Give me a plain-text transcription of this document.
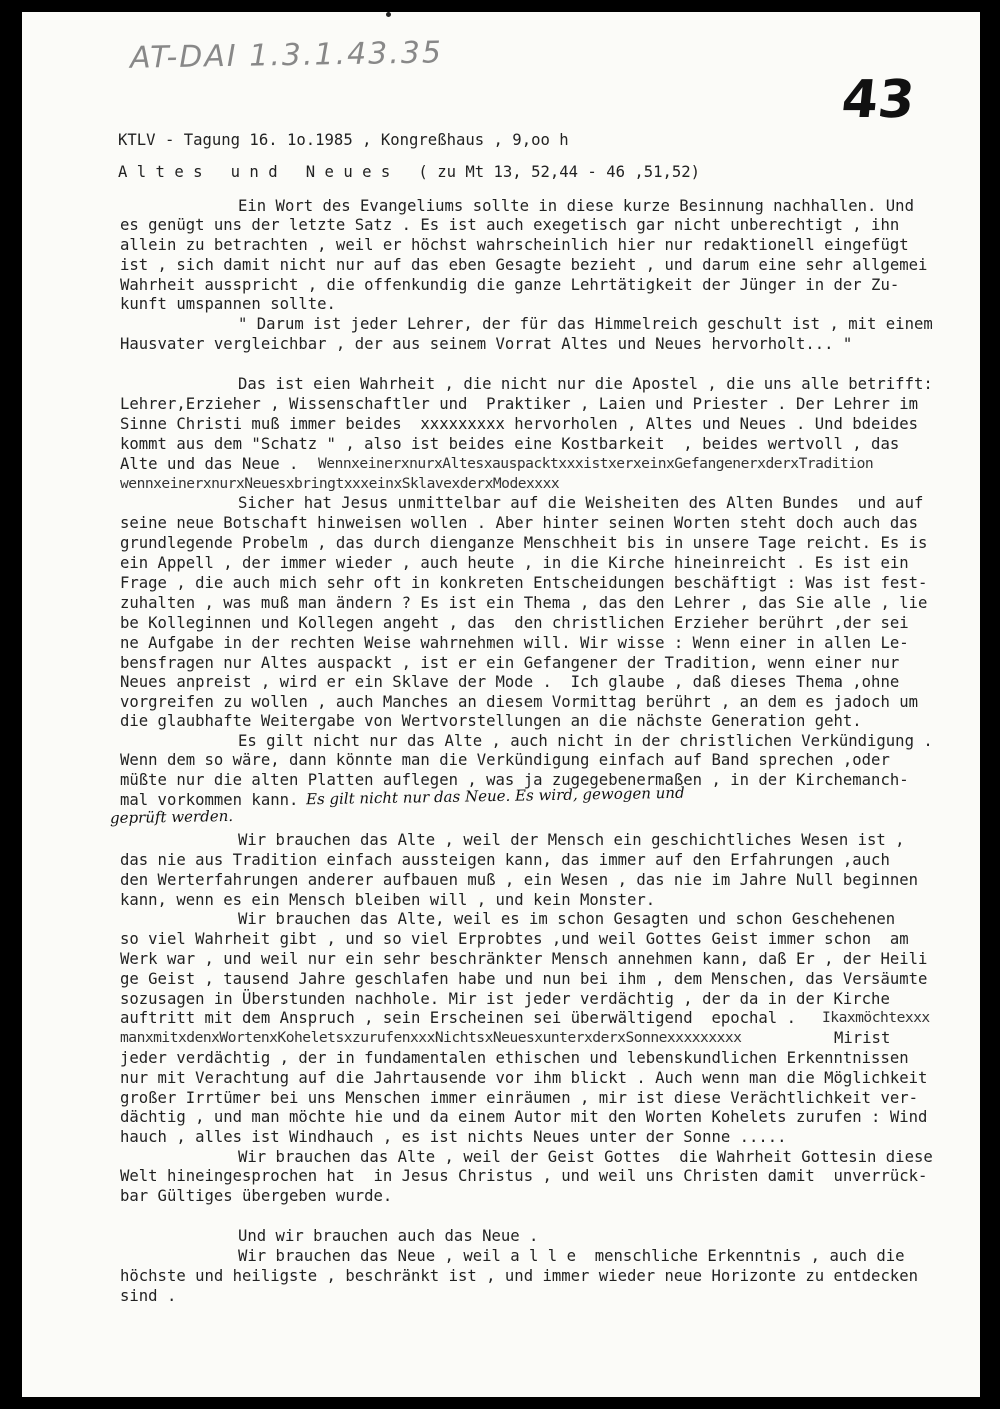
AT-DAI 1.3.1.43.35
43
KTLV - Tagung 16. 1o.1985 , Kongreßhaus , 9,oo h
A l t e s   u n d   N e u e s   ( zu Mt 13, 52,44 - 46 ,51,52)
Ein Wort des Evangeliums sollte in diese kurze Besinnung nachhallen. Und
es genügt uns der letzte Satz . Es ist auch exegetisch gar nicht unberechtigt , ihn
allein zu betrachten , weil er höchst wahrscheinlich hier nur redaktionell eingefügt
ist , sich damit nicht nur auf das eben Gesagte bezieht , und darum eine sehr allgemei
Wahrheit ausspricht , die offenkundig die ganze Lehrtätigkeit der Jünger in der Zu-
kunft umspannen sollte.
" Darum ist jeder Lehrer, der für das Himmelreich geschult ist , mit einem
Hausvater vergleichbar , der aus seinem Vorrat Altes und Neues hervorholt... "
Das ist eien Wahrheit , die nicht nur die Apostel , die uns alle betrifft:
Lehrer,Erzieher , Wissenschaftler und  Praktiker , Laien und Priester . Der Lehrer im
Sinne Christi muß immer beides  xxxxxxxxx hervorholen , Altes und Neues . Und bdeides
kommt aus dem "Schatz " , also ist beides eine Kostbarkeit  , beides wertvoll , das
Alte und das Neue . WennxeinerxnurxAltesxauspacktxxxistxerxeinxGefangenerxderxTradition
wennxeinerxnurxNeuesxbringtxxxeinxSklavexderxModexxxx
Sicher hat Jesus unmittelbar auf die Weisheiten des Alten Bundes  und auf
seine neue Botschaft hinweisen wollen . Aber hinter seinen Worten steht doch auch das
grundlegende Probelm , das durch dienganze Menschheit bis in unsere Tage reicht. Es is
ein Appell , der immer wieder , auch heute , in die Kirche hineinreicht . Es ist ein
Frage , die auch mich sehr oft in konkreten Entscheidungen beschäftigt : Was ist fest-
zuhalten , was muß man ändern ? Es ist ein Thema , das den Lehrer , das Sie alle , lie
be Kolleginnen und Kollegen angeht , das  den christlichen Erzieher berührt ,der sei
ne Aufgabe in der rechten Weise wahrnehmen will. Wir wisse : Wenn einer in allen Le-
bensfragen nur Altes auspackt , ist er ein Gefangener der Tradition, wenn einer nur
Neues anpreist , wird er ein Sklave der Mode .  Ich glaube , daß dieses Thema ,ohne
vorgreifen zu wollen , auch Manches an diesem Vormittag berührt , an dem es jadoch um
die glaubhafte Weitergabe von Wertvorstellungen an die nächste Generation geht.
Es gilt nicht nur das Alte , auch nicht in der christlichen Verkündigung .
Wenn dem so wäre, dann könnte man die Verkündigung einfach auf Band sprechen ,oder
müßte nur die alten Platten auflegen , was ja zugegebenermaßen , in der Kirchemanch-
mal vorkommen kann. Es gilt nicht nur das Neue. Es wird, gewogen und
geprüft werden.
Wir brauchen das Alte , weil der Mensch ein geschichtliches Wesen ist ,
das nie aus Tradition einfach aussteigen kann, das immer auf den Erfahrungen ,auch
den Werterfahrungen anderer aufbauen muß , ein Wesen , das nie im Jahre Null beginnen
kann, wenn es ein Mensch bleiben will , und kein Monster.
Wir brauchen das Alte, weil es im schon Gesagten und schon Geschehenen
so viel Wahrheit gibt , und so viel Erprobtes ,und weil Gottes Geist immer schon  am
Werk war , und weil nur ein sehr beschränkter Mensch annehmen kann, daß Er , der Heili
ge Geist , tausend Jahre geschlafen habe und nun bei ihm , dem Menschen, das Versäumte
sozusagen in Überstunden nachhole. Mir ist jeder verdächtig , der da in der Kirche
auftritt mit dem Anspruch , sein Erscheinen sei überwältigend  epochal . Ikaxmöchtexxx
manxmitxdenxWortenxKoheletsxzurufenxxxNichtsxNeuesxunterxderxSonnexxxxxxxxx	Mirist
jeder verdächtig , der in fundamentalen ethischen und lebenskundlichen Erkenntnissen
nur mit Verachtung auf die Jahrtausende vor ihm blickt . Auch wenn man die Möglichkeit
großer Irrtümer bei uns Menschen immer einräumen , mir ist diese Verächtlichkeit ver-
dächtig , und man möchte hie und da einem Autor mit den Worten Kohelets zurufen : Wind
hauch , alles ist Windhauch , es ist nichts Neues unter der Sonne .....
Wir brauchen das Alte , weil der Geist Gottes  die Wahrheit Gottesin diese
Welt hineingesprochen hat  in Jesus Christus , und weil uns Christen damit  unverrück-
bar Gültiges übergeben wurde.
Und wir brauchen auch das Neue .
Wir brauchen das Neue , weil a l l e  menschliche Erkenntnis , auch die
höchste und heiligste , beschränkt ist , und immer wieder neue Horizonte zu entdecken
sind .
